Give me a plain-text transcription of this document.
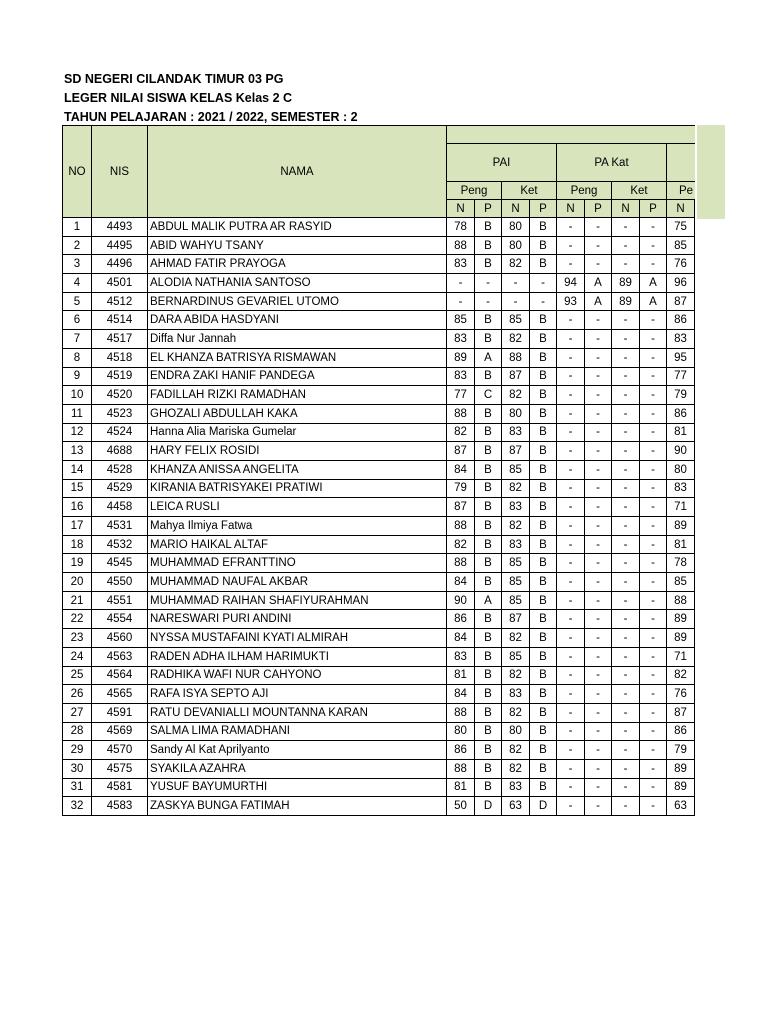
SD NEGERI CILANDAK TIMUR 03 PG
LEGER NILAI SISWA KELAS Kelas 2 C
TAHUN PELAJARAN : 2021 / 2022, SEMESTER : 2
NO	NIS	NAMA									
			PAI				PA Kat				
			Peng		Ket		Peng		Ket		Pe
			N	P	N	P	N	P	N	P	N
1	4493	ABDUL MALIK PUTRA AR RASYID	78	B	80	B	-	-	-	-	75
2	4495	ABID WAHYU TSANY	88	B	80	B	-	-	-	-	85
3	4496	AHMAD FATIR PRAYOGA	83	B	82	B	-	-	-	-	76
4	4501	ALODIA NATHANIA SANTOSO	-	-	-	-	94	A	89	A	96
5	4512	BERNARDINUS GEVARIEL UTOMO	-	-	-	-	93	A	89	A	87
6	4514	DARA ABIDA HASDYANI	85	B	85	B	-	-	-	-	86
7	4517	Diffa Nur Jannah	83	B	82	B	-	-	-	-	83
8	4518	EL KHANZA BATRISYA RISMAWAN	89	A	88	B	-	-	-	-	95
9	4519	ENDRA ZAKI HANIF PANDEGA	83	B	87	B	-	-	-	-	77
10	4520	FADILLAH RIZKI RAMADHAN	77	C	82	B	-	-	-	-	79
11	4523	GHOZALI ABDULLAH KAKA	88	B	80	B	-	-	-	-	86
12	4524	Hanna Alia Mariska Gumelar	82	B	83	B	-	-	-	-	81
13	4688	HARY FELIX ROSIDI	87	B	87	B	-	-	-	-	90
14	4528	KHANZA ANISSA ANGELITA	84	B	85	B	-	-	-	-	80
15	4529	KIRANIA BATRISYAKEI PRATIWI	79	B	82	B	-	-	-	-	83
16	4458	LEICA RUSLI	87	B	83	B	-	-	-	-	71
17	4531	Mahya Ilmiya Fatwa	88	B	82	B	-	-	-	-	89
18	4532	MARIO HAIKAL ALTAF	82	B	83	B	-	-	-	-	81
19	4545	MUHAMMAD EFRANTTINO	88	B	85	B	-	-	-	-	78
20	4550	MUHAMMAD NAUFAL AKBAR	84	B	85	B	-	-	-	-	85
21	4551	MUHAMMAD RAIHAN SHAFIYURAHMAN	90	A	85	B	-	-	-	-	88
22	4554	NARESWARI PURI ANDINI	86	B	87	B	-	-	-	-	89
23	4560	NYSSA MUSTAFAINI KYATI ALMIRAH	84	B	82	B	-	-	-	-	89
24	4563	RADEN ADHA ILHAM HARIMUKTI	83	B	85	B	-	-	-	-	71
25	4564	RADHIKA WAFI NUR CAHYONO	81	B	82	B	-	-	-	-	82
26	4565	RAFA ISYA SEPTO AJI	84	B	83	B	-	-	-	-	76
27	4591	RATU DEVANIALLI MOUNTANNA KARAN	88	B	82	B	-	-	-	-	87
28	4569	SALMA LIMA RAMADHANI	80	B	80	B	-	-	-	-	86
29	4570	Sandy Al Kat Aprilyanto	86	B	82	B	-	-	-	-	79
30	4575	SYAKILA AZAHRA	88	B	82	B	-	-	-	-	89
31	4581	YUSUF BAYUMURTHI	81	B	83	B	-	-	-	-	89
32	4583	ZASKYA BUNGA FATIMAH	50	D	63	D	-	-	-	-	63
